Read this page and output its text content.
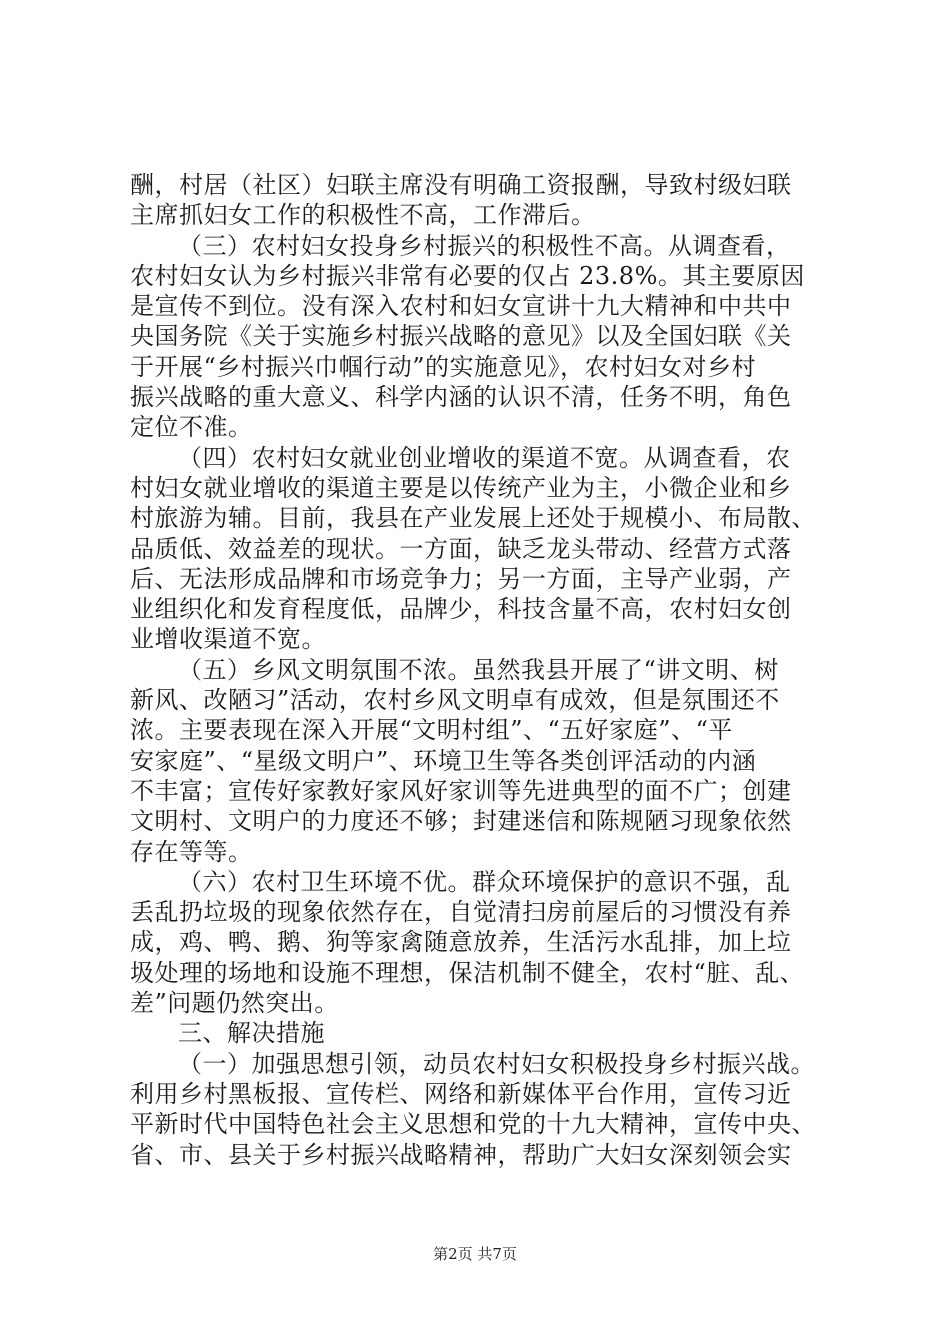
酬，村居（社区）妇联主席没有明确工资报酬，导致村级妇联
主席抓妇女工作的积极性不高，工作滞后。
（三）农村妇女投身乡村振兴的积极性不高。从调查看，
农村妇女认为乡村振兴非常有必要的仅占 23.8%。其主要原因
是宣传不到位。没有深入农村和妇女宣讲十九大精神和中共中
央国务院《关于实施乡村振兴战略的意见》以及全国妇联《关
于开展“乡村振兴巾帼行动”的实施意见》，农村妇女对乡村
振兴战略的重大意义、科学内涵的认识不清，任务不明，角色
定位不准。
（四）农村妇女就业创业增收的渠道不宽。从调查看，农
村妇女就业增收的渠道主要是以传统产业为主，小微企业和乡
村旅游为辅。目前，我县在产业发展上还处于规模小、布局散、
品质低、效益差的现状。一方面，缺乏龙头带动、经营方式落
后、无法形成品牌和市场竞争力；另一方面，主导产业弱，产
业组织化和发育程度低，品牌少，科技含量不高，农村妇女创
业增收渠道不宽。
（五）乡风文明氛围不浓。虽然我县开展了“讲文明、树
新风、改陋习”活动，农村乡风文明卓有成效，但是氛围还不
浓。主要表现在深入开展“文明村组”、“五好家庭”、“平
安家庭”、“星级文明户”、环境卫生等各类创评活动的内涵
不丰富；宣传好家教好家风好家训等先进典型的面不广；创建
文明村、文明户的力度还不够；封建迷信和陈规陋习现象依然
存在等等。
（六）农村卫生环境不优。群众环境保护的意识不强，乱
丢乱扔垃圾的现象依然存在，自觉清扫房前屋后的习惯没有养
成，鸡、鸭、鹅、狗等家禽随意放养，生活污水乱排，加上垃
圾处理的场地和设施不理想，保洁机制不健全，农村“脏、乱、
差”问题仍然突出。
三、解决措施
（一）加强思想引领，动员农村妇女积极投身乡村振兴战。
利用乡村黑板报、宣传栏、网络和新媒体平台作用，宣传习近
平新时代中国特色社会主义思想和党的十九大精神，宣传中央、
省、市、县关于乡村振兴战略精神，帮助广大妇女深刻领会实
第2页 共7页
